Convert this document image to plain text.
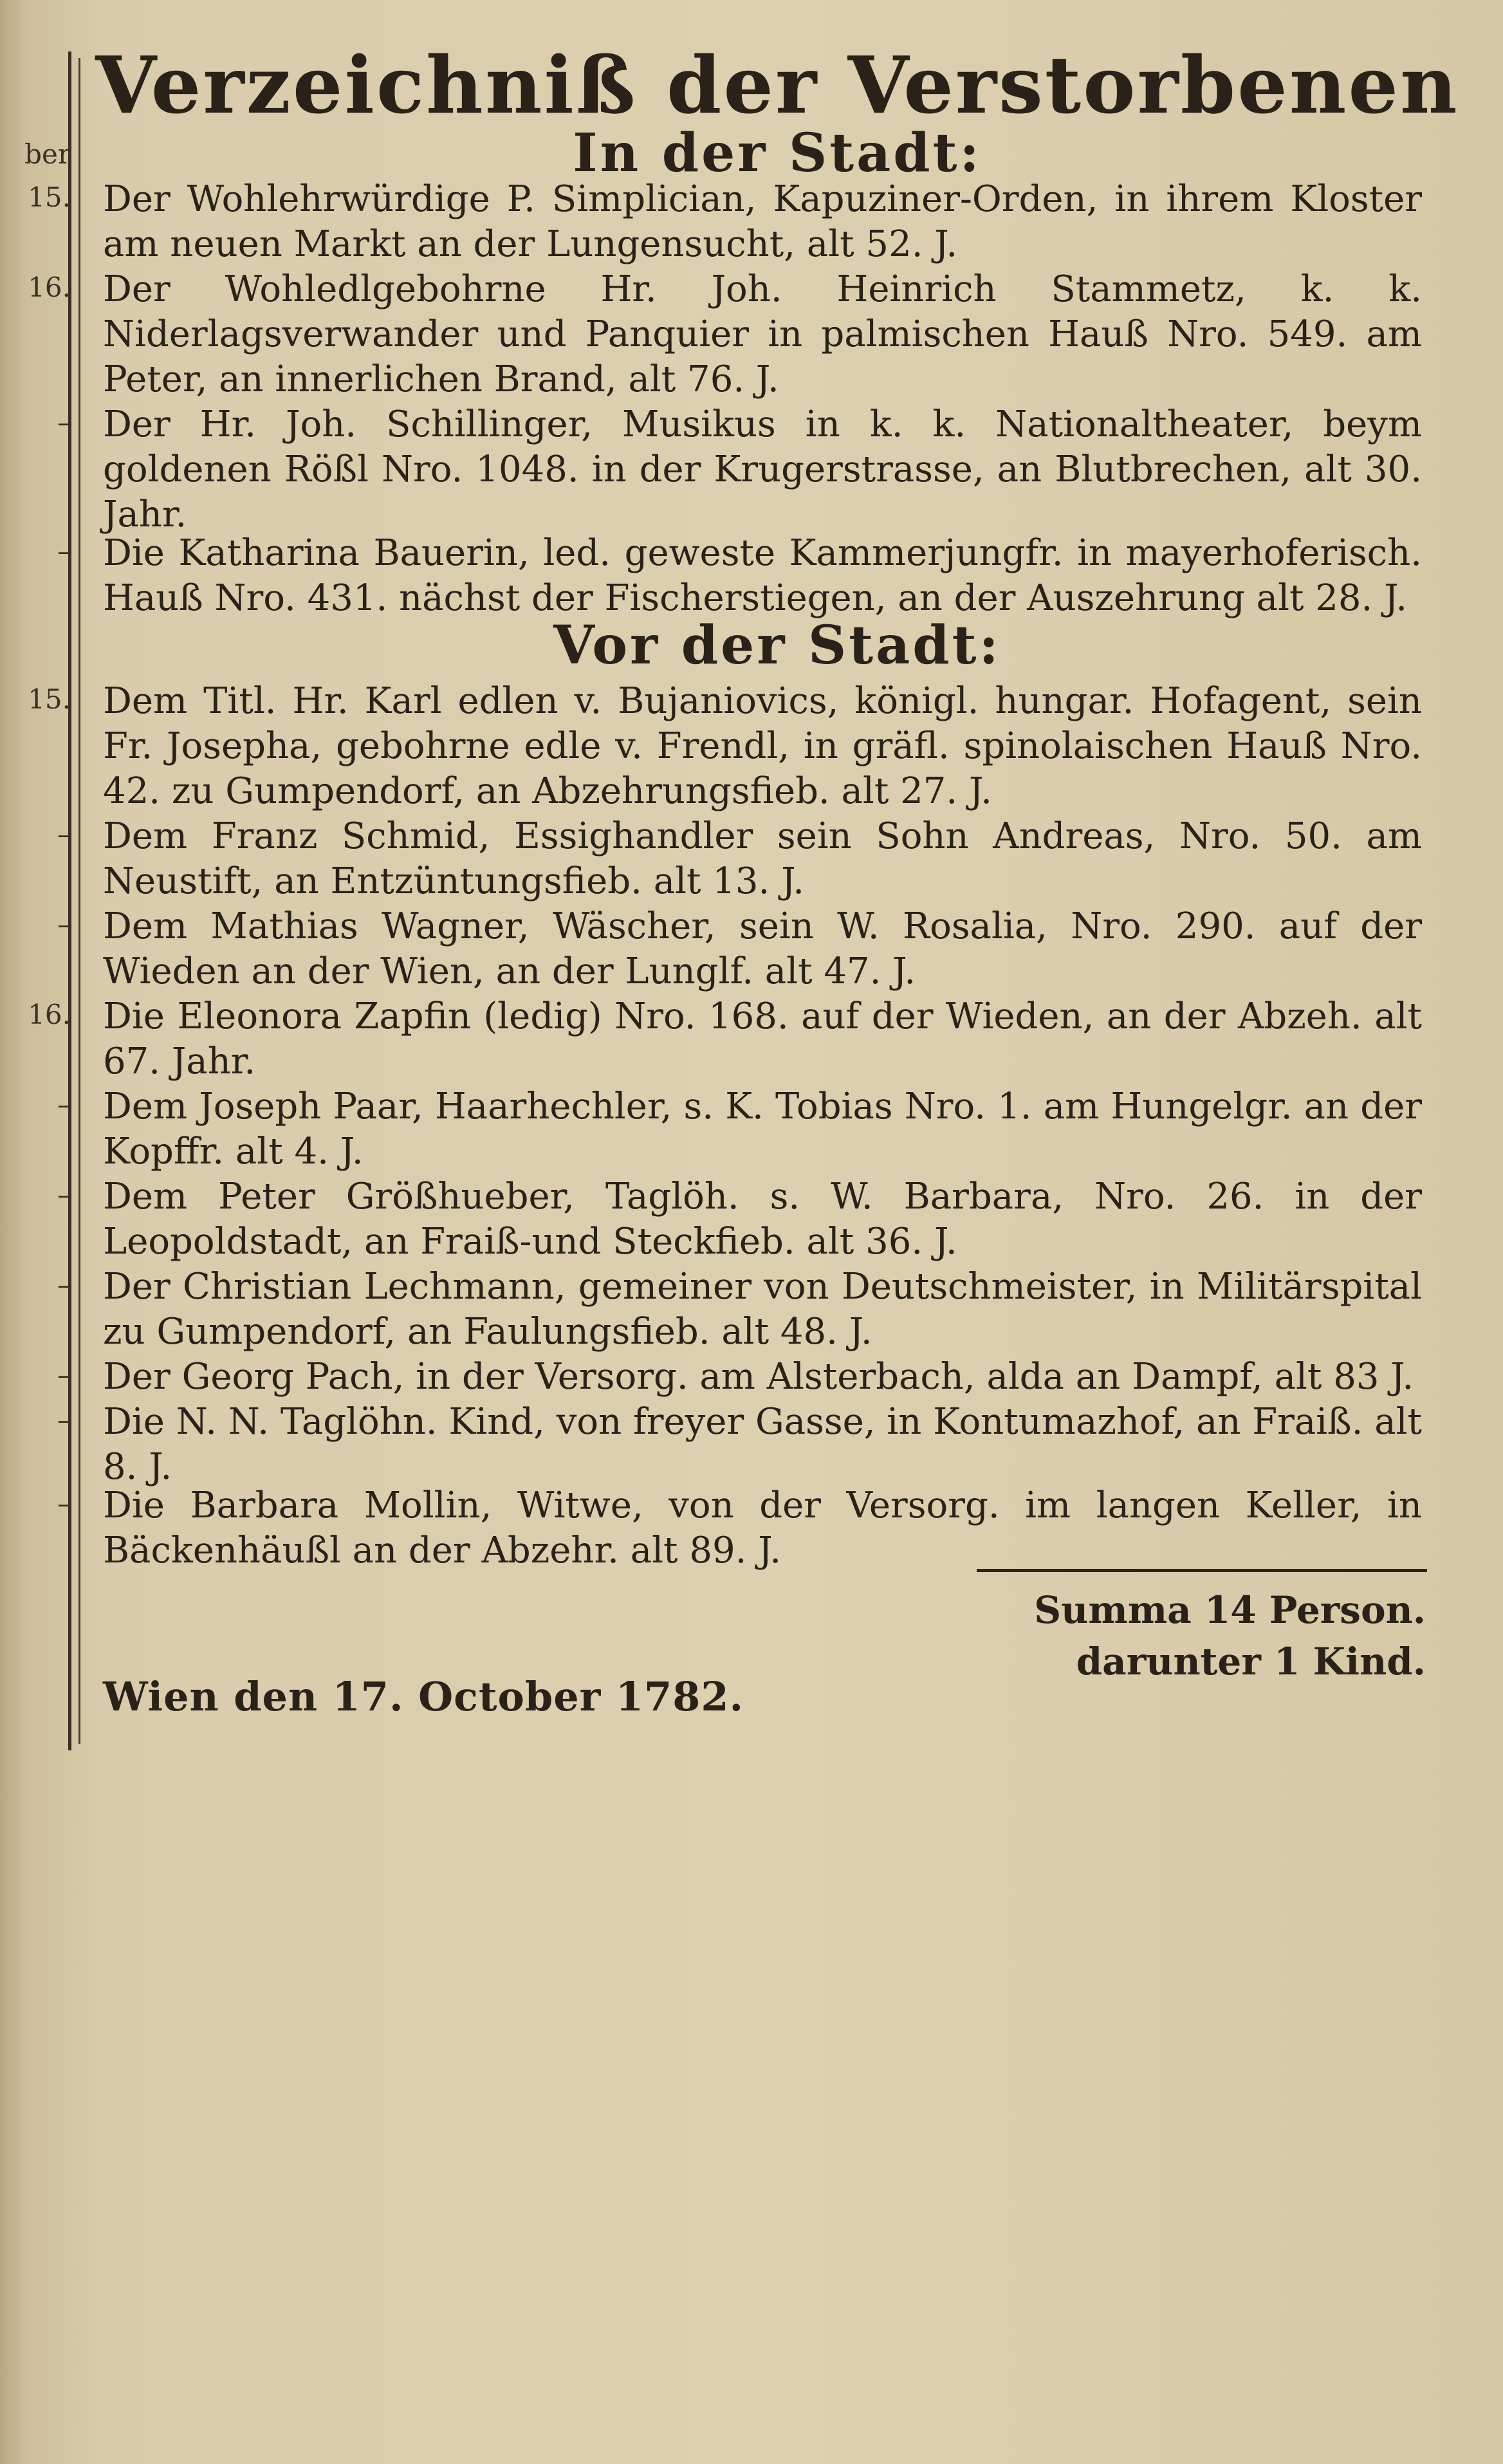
Verzeichniß der Verstorbenen
ber	In der Stadt:
15. Der Wohlehrwürdige P. Simplician, Kapuziner-Orden, in ihrem Kloster am neuen Markt an der Lungensucht, alt 52. J.
16. Der Wohledlgebohrne Hr. Joh. Heinrich Stammetz, k. k. Niderlagsverwander und Panquier in palmischen Hauß Nro. 549. am Peter, an innerlichen Brand, alt 76. J.
– Der Hr. Joh. Schillinger, Musikus in k. k. Nationaltheater, beym goldenen Rößl Nro. 1048. in der Krugerstrasse, an Blutbrechen, alt 30. Jahr.
– Die Katharina Bauerin, led. geweste Kammerjungfr. in mayerhoferisch. Hauß Nro. 431. nächst der Fischerstiegen, an der Auszehrung alt 28. J.
Vor der Stadt:
15. Dem Titl. Hr. Karl edlen v. Bujaniovics, königl. hungar. Hofagent, sein Fr. Josepha, gebohrne edle v. Frendl, in gräfl. spinolaischen Hauß Nro. 42. zu Gumpendorf, an Abzehrungsfieb. alt 27. J.
– Dem Franz Schmid, Essighandler sein Sohn Andreas, Nro. 50. am Neustift, an Entzüntungsfieb. alt 13. J.
– Dem Mathias Wagner, Wäscher, sein W. Rosalia, Nro. 290. auf der Wieden an der Wien, an der Lunglf. alt 47. J.
16. Die Eleonora Zapfin (ledig) Nro. 168. auf der Wieden, an der Abzeh. alt 67. Jahr.
– Dem Joseph Paar, Haarhechler, s. K. Tobias Nro. 1. am Hungelgr. an der Kopffr. alt 4. J.
– Dem Peter Größhueber, Taglöh. s. W. Barbara, Nro. 26. in der Leopoldstadt, an Fraiß-und Steckfieb. alt 36. J.
– Der Christian Lechmann, gemeiner von Deutschmeister, in Militärspital zu Gumpendorf, an Faulungsfieb. alt 48. J.
– Der Georg Pach, in der Versorg. am Alsterbach, alda an Dampf, alt 83 J.
– Die N. N. Taglöhn. Kind, von freyer Gasse, in Kontumazhof, an Fraiß. alt 8. J.
– Die Barbara Mollin, Witwe, von der Versorg. im langen Keller, in Bäckenhäußl an der Abzehr. alt 89. J.
Summa 14 Person.
darunter 1 Kind.
Wien den 17. October 1782.
